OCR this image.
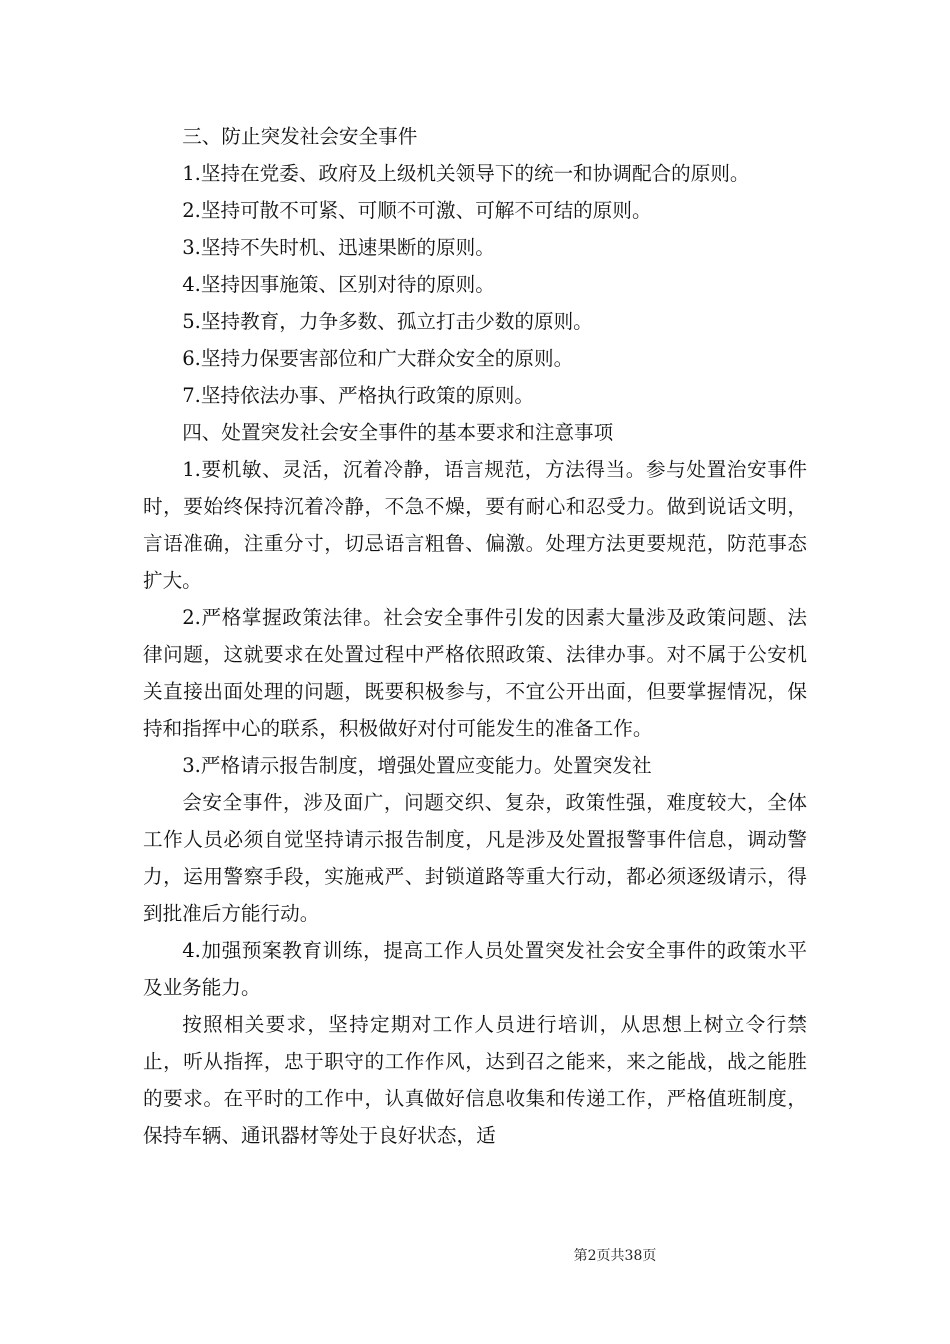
三、防止突发社会安全事件

1.坚持在党委、政府及上级机关领导下的统一和协调配合的原则。

2.坚持可散不可紧、可顺不可激、可解不可结的原则。

3.坚持不失时机、迅速果断的原则。

4.坚持因事施策、区别对待的原则。

5.坚持教育，力争多数、孤立打击少数的原则。

6.坚持力保要害部位和广大群众安全的原则。

7.坚持依法办事、严格执行政策的原则。

四、处置突发社会安全事件的基本要求和注意事项

1.要机敏、灵活，沉着冷静，语言规范，方法得当。参与处置治安事件时，要始终保持沉着冷静，不急不燥，要有耐心和忍受力。做到说话文明，言语准确，注重分寸，切忌语言粗鲁、偏激。处理方法更要规范，防范事态扩大。

2.严格掌握政策法律。社会安全事件引发的因素大量涉及政策问题、法律问题，这就要求在处置过程中严格依照政策、法律办事。对不属于公安机关直接出面处理的问题，既要积极参与，不宜公开出面，但要掌握情况，保持和指挥中心的联系，积极做好对付可能发生的准备工作。

3.严格请示报告制度，增强处置应变能力。处置突发社

会安全事件，涉及面广，问题交织、复杂，政策性强，难度较大，全体工作人员必须自觉坚持请示报告制度，凡是涉及处置报警事件信息，调动警力，运用警察手段，实施戒严、封锁道路等重大行动，都必须逐级请示，得到批准后方能行动。

4.加强预案教育训练，提高工作人员处置突发社会安全事件的政策水平及业务能力。

按照相关要求，坚持定期对工作人员进行培训，从思想上树立令行禁止，听从指挥，忠于职守的工作作风，达到召之能来，来之能战，战之能胜的要求。在平时的工作中，认真做好信息收集和传递工作，严格值班制度，保持车辆、通讯器材等处于良好状态，适

第2页共38页
